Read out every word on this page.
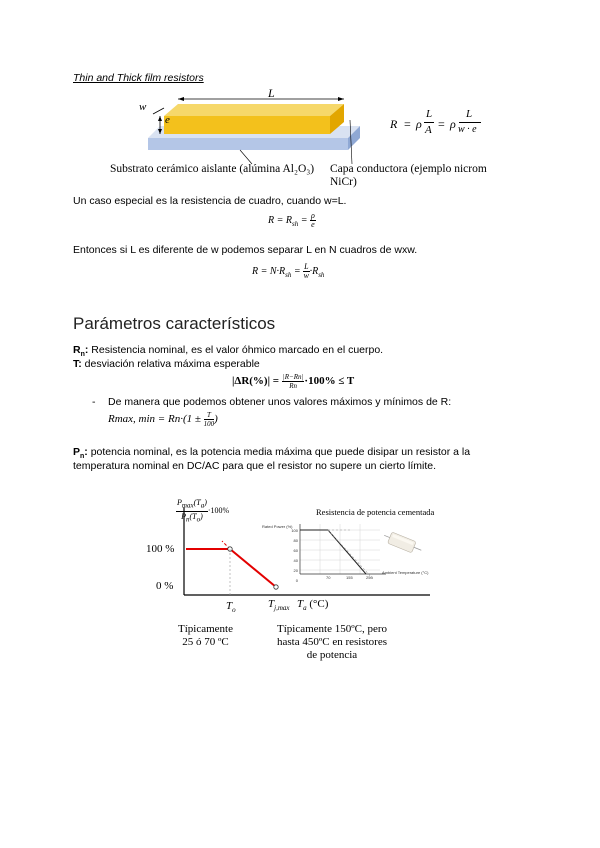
Thin and Thick film resistors
L
w
e
Substrato cerámico aislante (alúmina Al₂O₃) Capa conductora (ejemplo nicrom
NiCr)
R = ρ
L
A = ρ
L
w · e
Un caso especial es la resistencia de cuadro, cuando w=L.
$R = R_{sh} = \frac{\rho}{e}$
Entonces si L es diferente de w podemos separar L en N cuadros de wxw.
$R = N\cdot R_{sh} = \frac{L}{w} \cdot R_{sh}$
Parámetros característicos
$R_n$: Resistencia nominal, es el valor óhmico marcado en el cuerpo.
T: desviación relativa máxima esperable
$|\Delta R(\%)| = \frac{|R-Rn|}{Rn} \cdot 100\% \le T$
- De manera que podemos obtener unos valores máximos y mínimos de R:
Rmax, $\min = Rn\cdot(1 \pm \frac{T}{100}$ )
$P_n$: potencia nominal, es la potencia media máxima que puede disipar un resistor a la
temperatura nominal en DC/AC para que el resistor no supere un cierto límite.
$P_{max}(T_a)$
$P_n(T_o)$
·100%
100 %
0 %
$T_o$
$T_{j,max}$ $T_a$ (°C)
Típicamente
25 ó 70 ºC
Típicamente 150ºC, pero
hasta 450ºC en resistores
de potencia
Resistencia de potencia cementada
Rated Power (%)
Ambient Temperature (°C)
100
80
60
40
20
0
70	155	250
